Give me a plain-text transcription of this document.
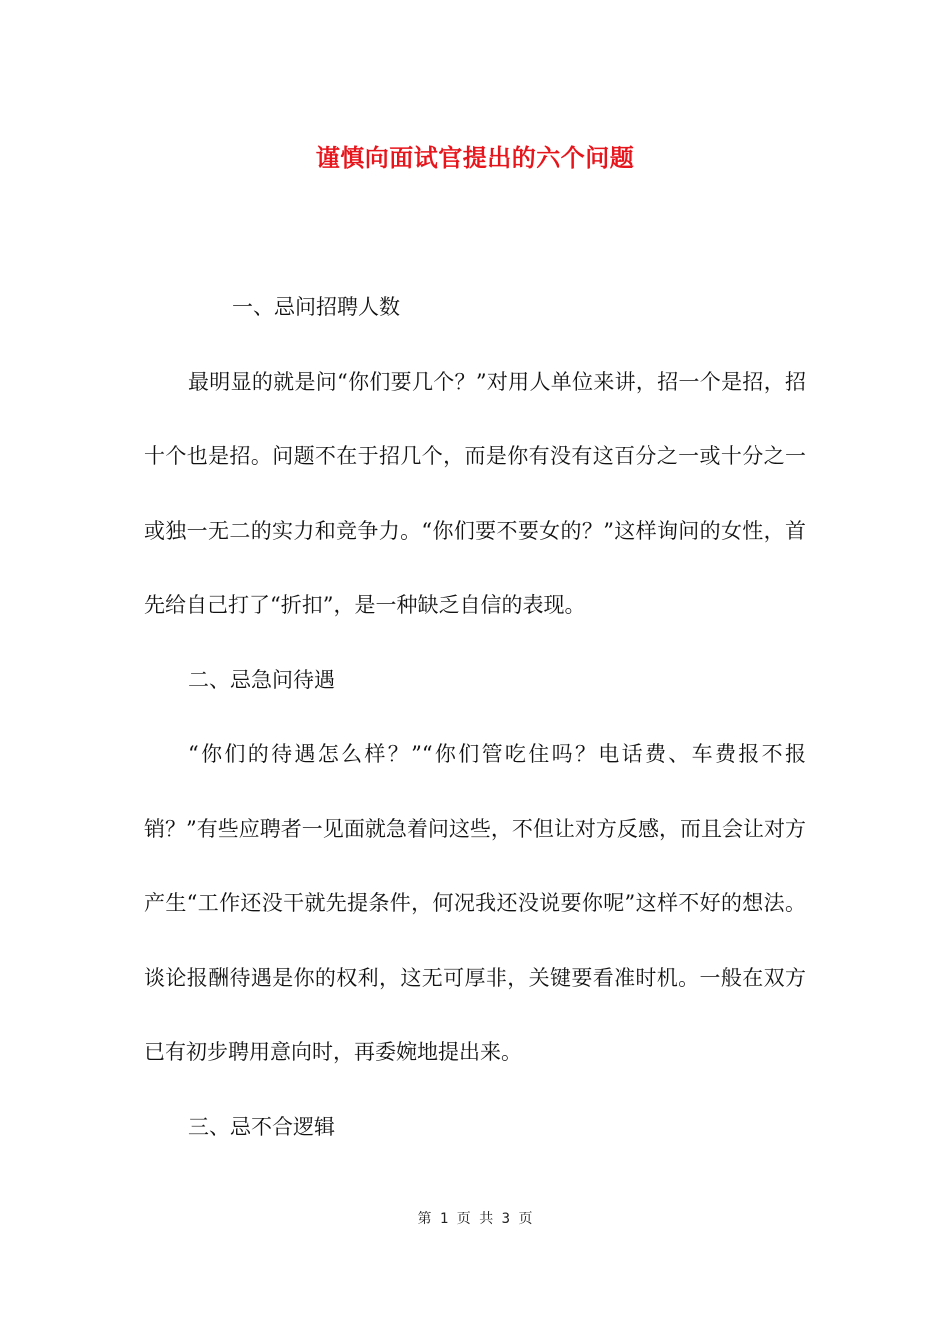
谨慎向面试官提出的六个问题

一、忌问招聘人数

最明显的就是问“你们要几个？”对用人单位来讲，招一个是招，招十个也是招。问题不在于招几个，而是你有没有这百分之一或十分之一或独一无二的实力和竞争力。“你们要不要女的？”这样询问的女性，首先给自己打了“折扣”，是一种缺乏自信的表现。

二、忌急问待遇

“你们的待遇怎么样？”“你们管吃住吗？电话费、车费报不报销？”有些应聘者一见面就急着问这些，不但让对方反感，而且会让对方产生“工作还没干就先提条件，何况我还没说要你呢”这样不好的想法。谈论报酬待遇是你的权利，这无可厚非，关键要看准时机。一般在双方已有初步聘用意向时，再委婉地提出来。

三、忌不合逻辑

第 1 页 共 3 页
